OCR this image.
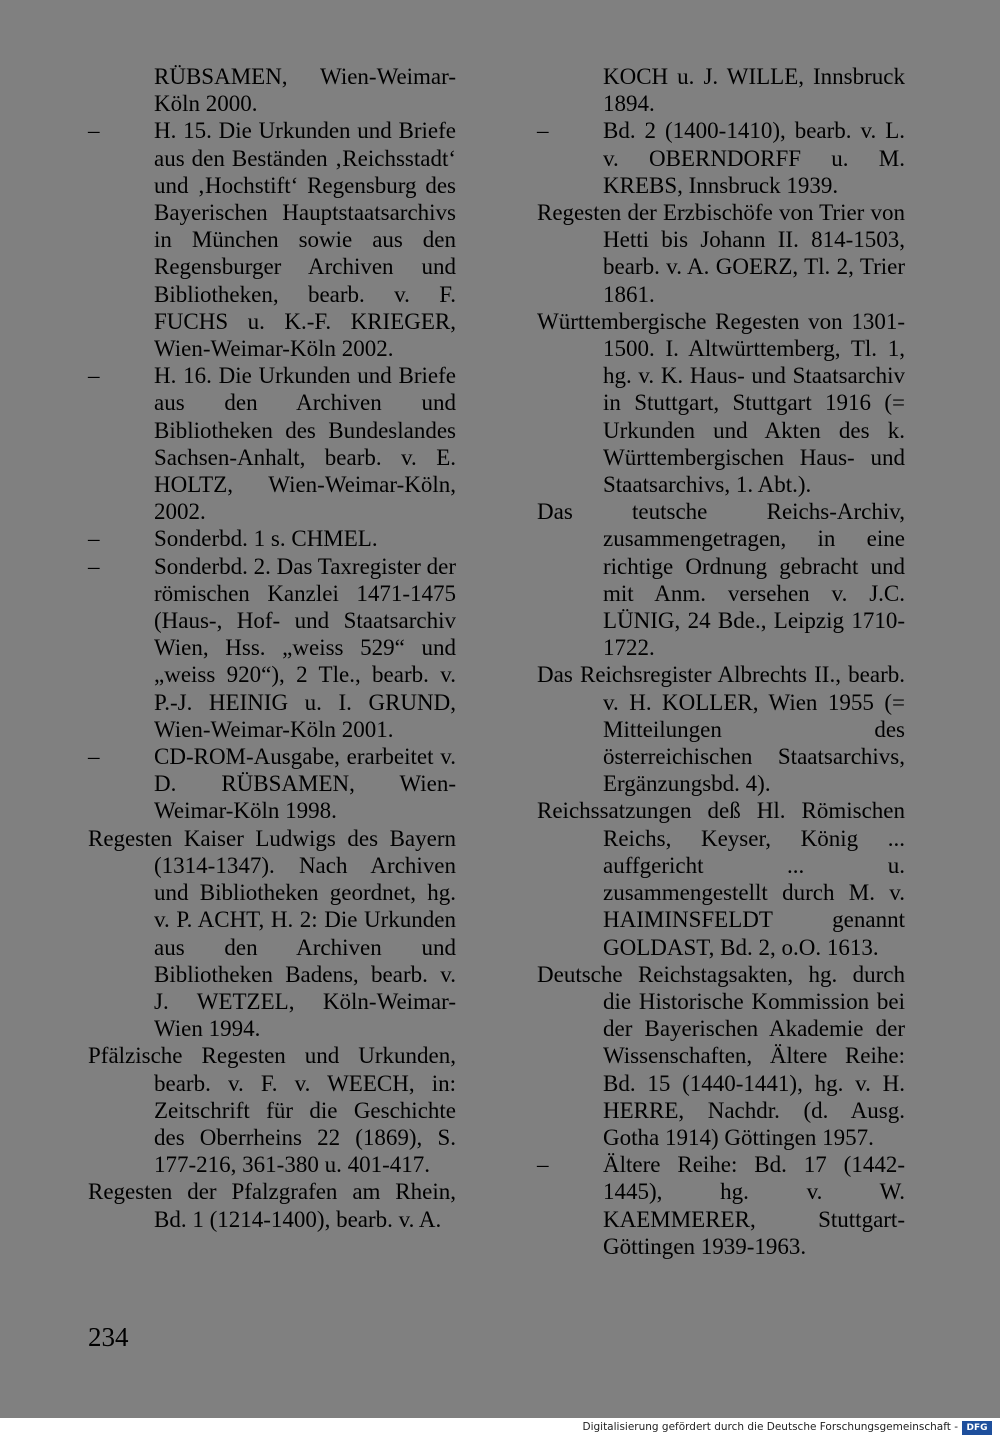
RÜBSAMEN, Wien-Weimar-Köln 2000.

– H. 15. Die Urkunden und Briefe aus den Beständen ‚Reichsstadt‘ und ‚Hochstift‘ Regensburg des Bayerischen Hauptstaatsarchivs in München sowie aus den Regensburger Archiven und Bibliotheken, bearb. v. F. FUCHS u. K.-F. KRIEGER, Wien-Weimar-Köln 2002.

– H. 16. Die Urkunden und Briefe aus den Archiven und Bibliotheken des Bundeslandes Sachsen-Anhalt, bearb. v. E. HOLTZ, Wien-Weimar-Köln, 2002.

– Sonderbd. 1 s. CHMEL.

– Sonderbd. 2. Das Taxregister der römischen Kanzlei 1471-1475 (Haus-, Hof- und Staatsarchiv Wien, Hss. „weiss 529“ und „weiss 920“), 2 Tle., bearb. v. P.-J. HEINIG u. I. GRUND, Wien-Weimar-Köln 2001.

– CD-ROM-Ausgabe, erarbeitet v. D. RÜBSAMEN, Wien-Weimar-Köln 1998.

Regesten Kaiser Ludwigs des Bayern (1314-1347). Nach Archiven und Bibliotheken geordnet, hg. v. P. ACHT, H. 2: Die Urkunden aus den Archiven und Bibliotheken Badens, bearb. v. J. WETZEL, Köln-Weimar-Wien 1994.

Pfälzische Regesten und Urkunden, bearb. v. F. v. WEECH, in: Zeitschrift für die Geschichte des Oberrheins 22 (1869), S. 177-216, 361-380 u. 401-417.

Regesten der Pfalzgrafen am Rhein, Bd. 1 (1214-1400), bearb. v. A.

KOCH u. J. WILLE, Innsbruck 1894.

– Bd. 2 (1400-1410), bearb. v. L. v. OBERNDORFF u. M. KREBS, Innsbruck 1939.

Regesten der Erzbischöfe von Trier von Hetti bis Johann II. 814-1503, bearb. v. A. GOERZ, Tl. 2, Trier 1861.

Württembergische Regesten von 1301-1500. I. Altwürttemberg, Tl. 1, hg. v. K. Haus- und Staatsarchiv in Stuttgart, Stuttgart 1916 (= Urkunden und Akten des k. Württembergischen Haus- und Staatsarchivs, 1. Abt.).

Das teutsche Reichs-Archiv, zusammengetragen, in eine richtige Ordnung gebracht und mit Anm. versehen v. J.C. LÜNIG, 24 Bde., Leipzig 1710-1722.

Das Reichsregister Albrechts II., bearb. v. H. KOLLER, Wien 1955 (= Mitteilungen des österreichischen Staatsarchivs, Ergänzungsbd. 4).

Reichssatzungen deß Hl. Römischen Reichs, Keyser, König ... auffgericht ... u. zusammengestellt durch M. v. HAIMINSFELDT genannt GOLDAST, Bd. 2, o.O. 1613.

Deutsche Reichstagsakten, hg. durch die Historische Kommission bei der Bayerischen Akademie der Wissenschaften, Ältere Reihe: Bd. 15 (1440-1441), hg. v. H. HERRE, Nachdr. (d. Ausg. Gotha 1914) Göttingen 1957.

– Ältere Reihe: Bd. 17 (1442-1445), hg. v. W. KAEMMERER, Stuttgart-Göttingen 1939-1963.

234
Digitalisierung gefördert durch die Deutsche Forschungsgemeinschaft - DFG
